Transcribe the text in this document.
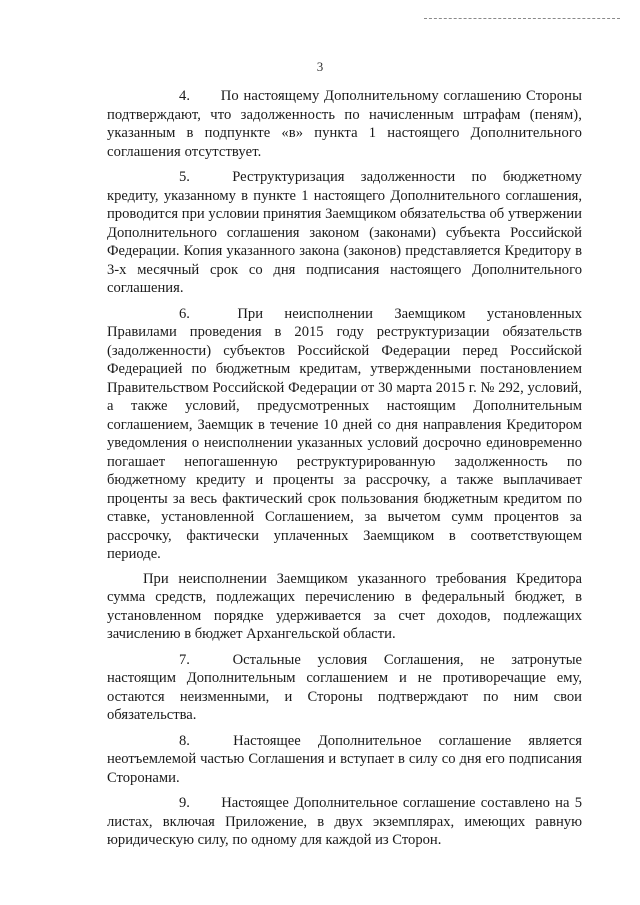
3

4. По настоящему Дополнительному соглашению Стороны подтверждают, что задолженность по начисленным штрафам (пеням), указанным в подпункте «в» пункта 1 настоящего Дополнительного соглашения отсутствует.

5.	Реструктуризация задолженности по бюджетному кредиту, указанному в пункте 1 настоящего Дополнительного соглашения, проводится при условии принятия Заемщиком обязательства об утвержении Дополнительного соглашения законом (законами) субъекта Российской Федерации. Копия указанного закона (законов) представляется Кредитору в 3-х месячный срок со дня подписания настоящего Дополнительного соглашения.

6.	При неисполнении Заемщиком установленных Правилами проведения в 2015 году реструктуризации обязательств (задолженности) субъектов Российской Федерации перед Российской Федерацией по бюджетным кредитам, утвержденными постановлением Правительством Российской Федерации от 30 марта 2015 г. № 292, условий, а также условий, предусмотренных настоящим Дополнительным соглашением, Заемщик в течение 10 дней со дня направления Кредитором уведомления о неисполнении указанных условий досрочно единовременно погашает непогашенную реструктурированную задолженность по бюджетному кредиту и проценты за рассрочку, а также выплачивает проценты за весь фактический срок пользования бюджетным кредитом по ставке, установленной Соглашением, за вычетом сумм процентов за рассрочку, фактически уплаченных Заемщиком в соответствующем периоде.

При неисполнении Заемщиком указанного требования Кредитора сумма средств, подлежащих перечислению в федеральный бюджет, в установленном порядке удерживается за счет доходов, подлежащих зачислению в бюджет Архангельской области.

7.	Остальные условия Соглашения, не затронутые настоящим Дополнительным соглашением и не противоречащие ему, остаются неизменными, и Стороны подтверждают по ним свои обязательства.

8.	Настоящее Дополнительное соглашение является неотъемлемой частью Соглашения и вступает в силу со дня его подписания Сторонами.

9. Настоящее Дополнительное соглашение составлено на 5 листах, включая Приложение, в двух экземплярах, имеющих равную юридическую силу, по одному для каждой из Сторон.
